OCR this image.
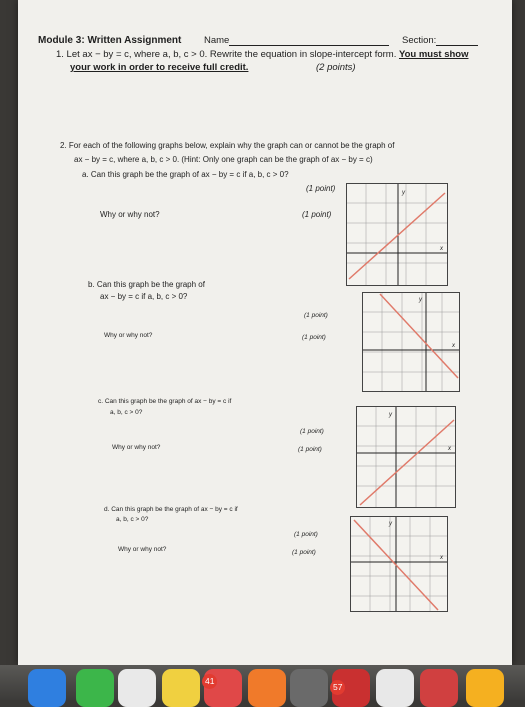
Module 3: Written Assignment Name	Section:
1. Let ax − by = c, where a, b, c > 0. Rewrite the equation in slope-intercept form. You must show
your work in order to receive full credit.	(2 points)
2. For each of the following graphs below, explain why the graph can or cannot be the graph of
ax − by = c, where a, b, c > 0. (Hint: Only one graph can be the graph of ax − by = c)
a. Can this graph be the graph of ax − by = c if a, b, c > 0?
(1 point)
Why or why not?	(1 point)
b. Can this graph be the graph of
ax − by = c if a, b, c > 0?
(1 point)
Why or why not?	(1 point)
c. Can this graph be the graph of ax − by = c if
a, b, c > 0?
(1 point)
Why or why not?	(1 point)
d. Can this graph be the graph of ax − by = c if
a, b, c > 0?
(1 point)
Why or why not?	(1 point)
y
x
y
x
y
x
y
x
41
57
